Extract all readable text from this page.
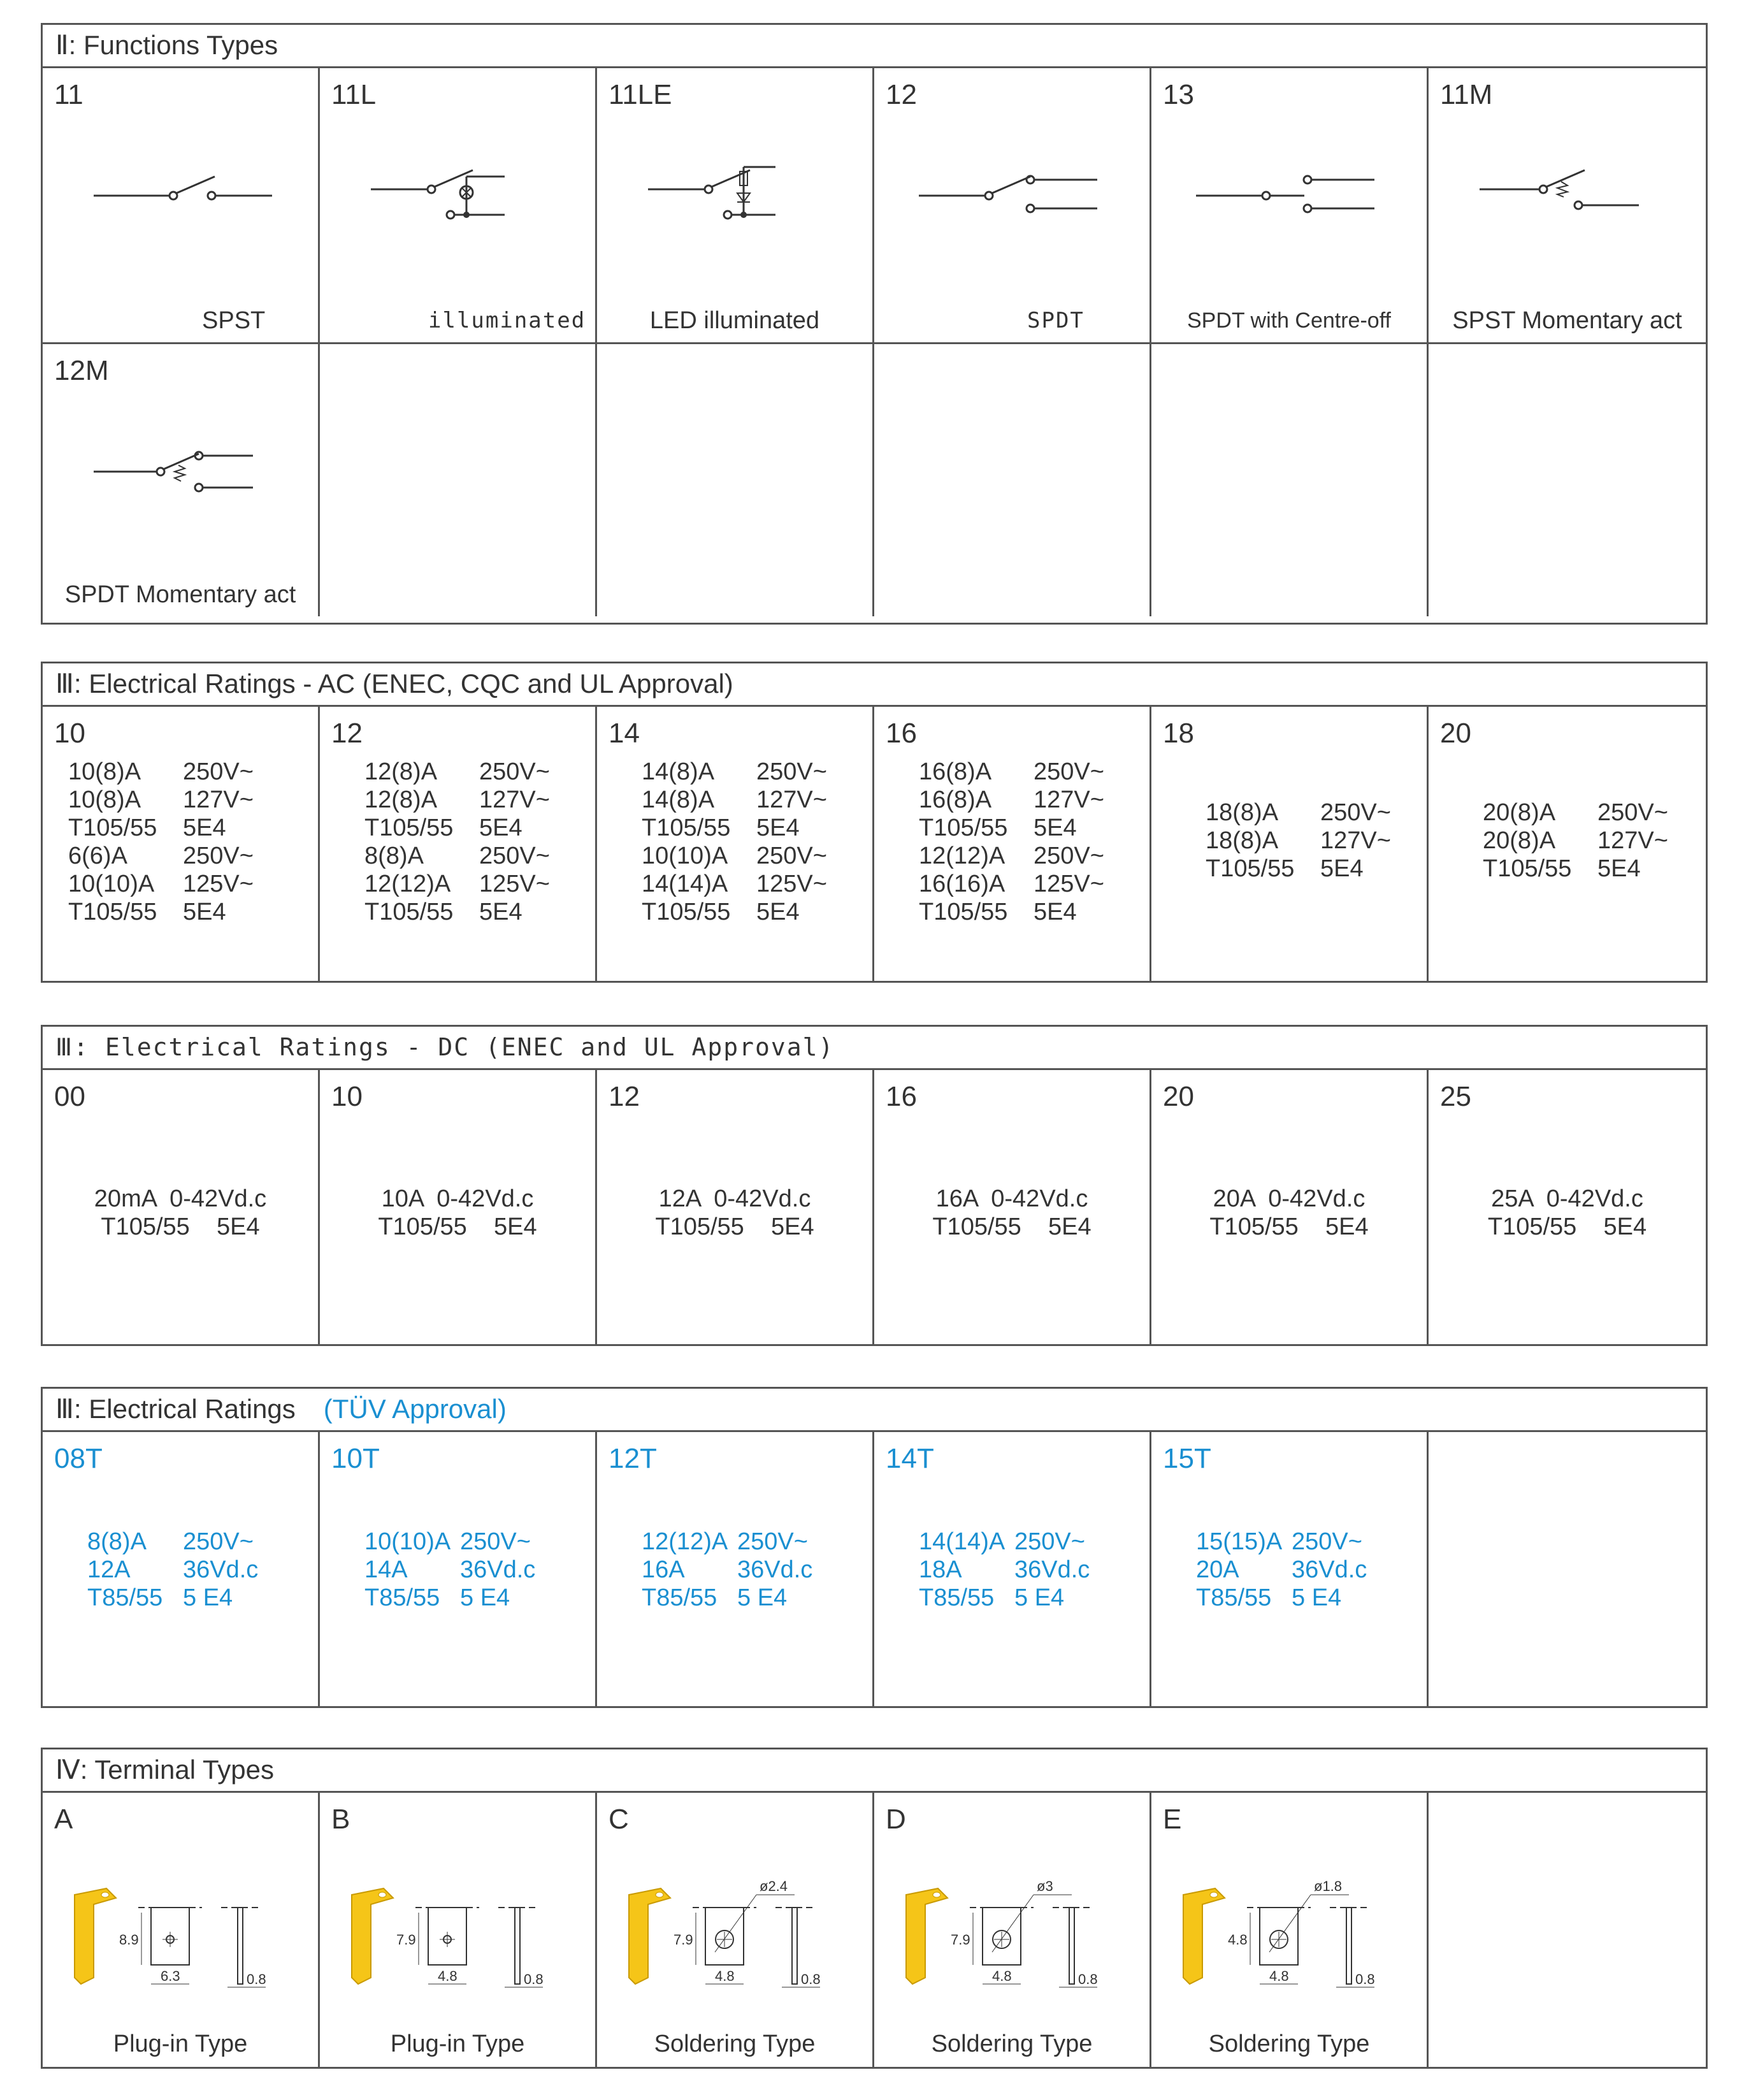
Ⅱ: Functions Types
11
SPST
11L
illuminated
11LE
LED illuminated
12
SPDT
13
SPDT with Centre-off
11M
SPST Momentary act
12M
SPDT Momentary act
Ⅲ: Electrical Ratings - AC (ENEC, CQC and UL Approval)
10
10(8)A	250V~
10(8)A	127V~
T105/55	5E4
6(6)A	250V~
10(10)A	125V~
T105/55	5E4
12
12(8)A	250V~
12(8)A	127V~
T105/55	5E4
8(8)A	250V~
12(12)A	125V~
T105/55	5E4
14
14(8)A	250V~
14(8)A	127V~
T105/55	5E4
10(10)A	250V~
14(14)A	125V~
T105/55	5E4
16
16(8)A	250V~
16(8)A	127V~
T105/55	5E4
12(12)A	250V~
16(16)A	125V~
T105/55	5E4
18
18(8)A	250V~
18(8)A	127V~
T105/55	5E4
20
20(8)A	250V~
20(8)A	127V~
T105/55	5E4
Ⅲ: Electrical Ratings - DC (ENEC and UL Approval)
00
20mA  0-42Vd.c
T105/55    5E4
10
10A  0-42Vd.c
T105/55    5E4
12
12A  0-42Vd.c
T105/55    5E4
16
16A  0-42Vd.c
T105/55    5E4
20
20A  0-42Vd.c
T105/55    5E4
25
25A  0-42Vd.c
T105/55    5E4
Ⅲ: Electrical Ratings (TÜV Approval)
08T
8(8)A	250V~
12A	36Vd.c
T85/55 5 E4
10T
10(10)A 250V~
14A	36Vd.c
T85/55 5 E4
12T
12(12)A 250V~
16A	36Vd.c
T85/55 5 E4
14T
14(14)A 250V~
18A	36Vd.c
T85/55 5 E4
15T
15(15)A 250V~
20A	36Vd.c
T85/55 5 E4
Ⅳ: Terminal Types
A
8.9
6.3	0.8
Plug-in Type
B
7.9
4.8	0.8
Plug-in Type
C
7.9
4.8	0.8
ø2.4
Soldering Type
D
7.9
4.8	0.8
ø3
Soldering Type
E
4.8
4.8	0.8
ø1.8
Soldering Type
